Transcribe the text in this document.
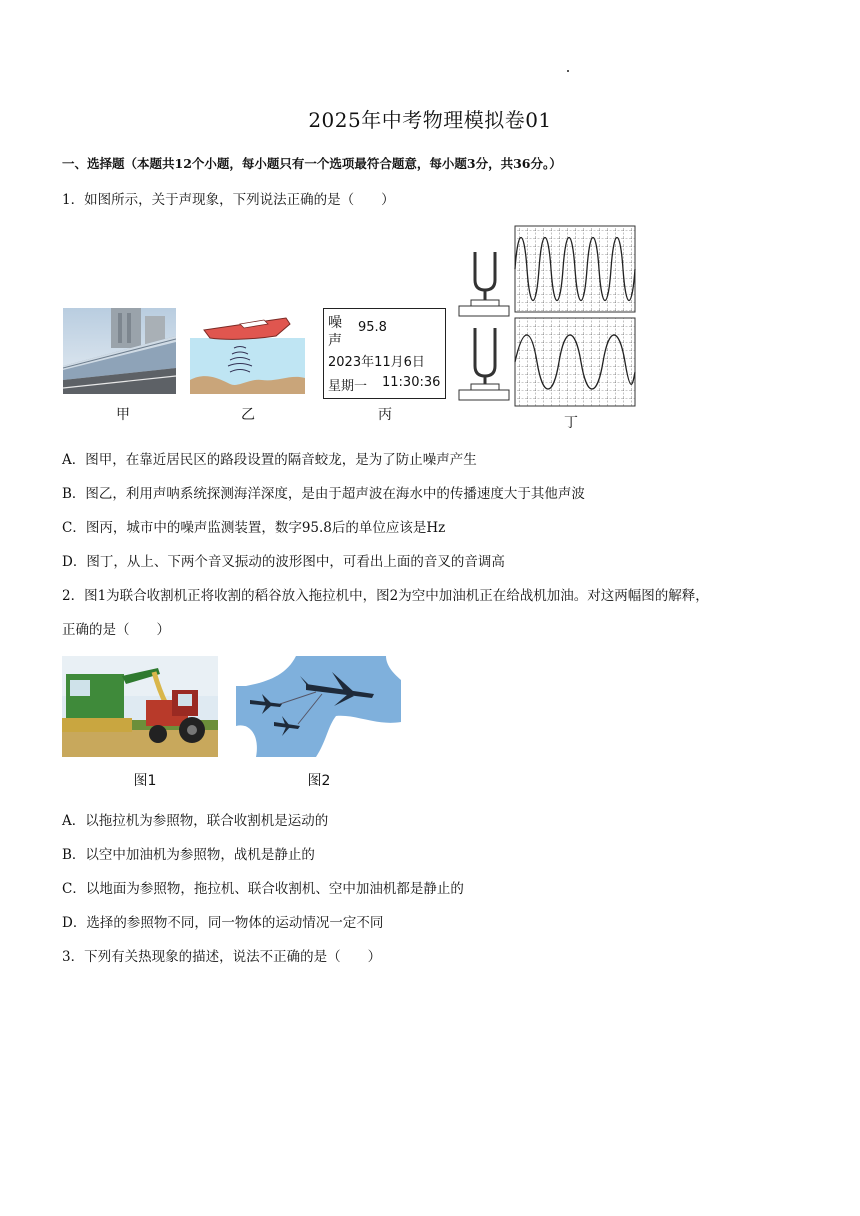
2025年中考物理模拟卷01
一、选择题（本题共12个小题，每小题只有一个选项最符合题意，每小题3分，共36分。）
1．如图所示，关于声现象，下列说法正确的是（　　）
甲	乙
噪 95.8
声
2023年11月6日
星期一 11:30:36
丙	丁
A．图甲，在靠近居民区的路段设置的隔音蛟龙，是为了防止噪声产生
B．图乙，利用声呐系统探测海洋深度，是由于超声波在海水中的传播速度大于其他声波
C．图丙，城市中的噪声监测装置，数字95.8后的单位应该是Hz
D．图丁，从上、下两个音叉振动的波形图中，可看出上面的音叉的音调高
2．图1为联合收割机正将收割的稻谷放入拖拉机中，图2为空中加油机正在给战机加油。对这两幅图的解释，
正确的是（　　）
图1	图2
A．以拖拉机为参照物，联合收割机是运动的
B．以空中加油机为参照物，战机是静止的
C．以地面为参照物，拖拉机、联合收割机、空中加油机都是静止的
D．选择的参照物不同，同一物体的运动情况一定不同
3．下列有关热现象的描述，说法不正确的是（　　）
